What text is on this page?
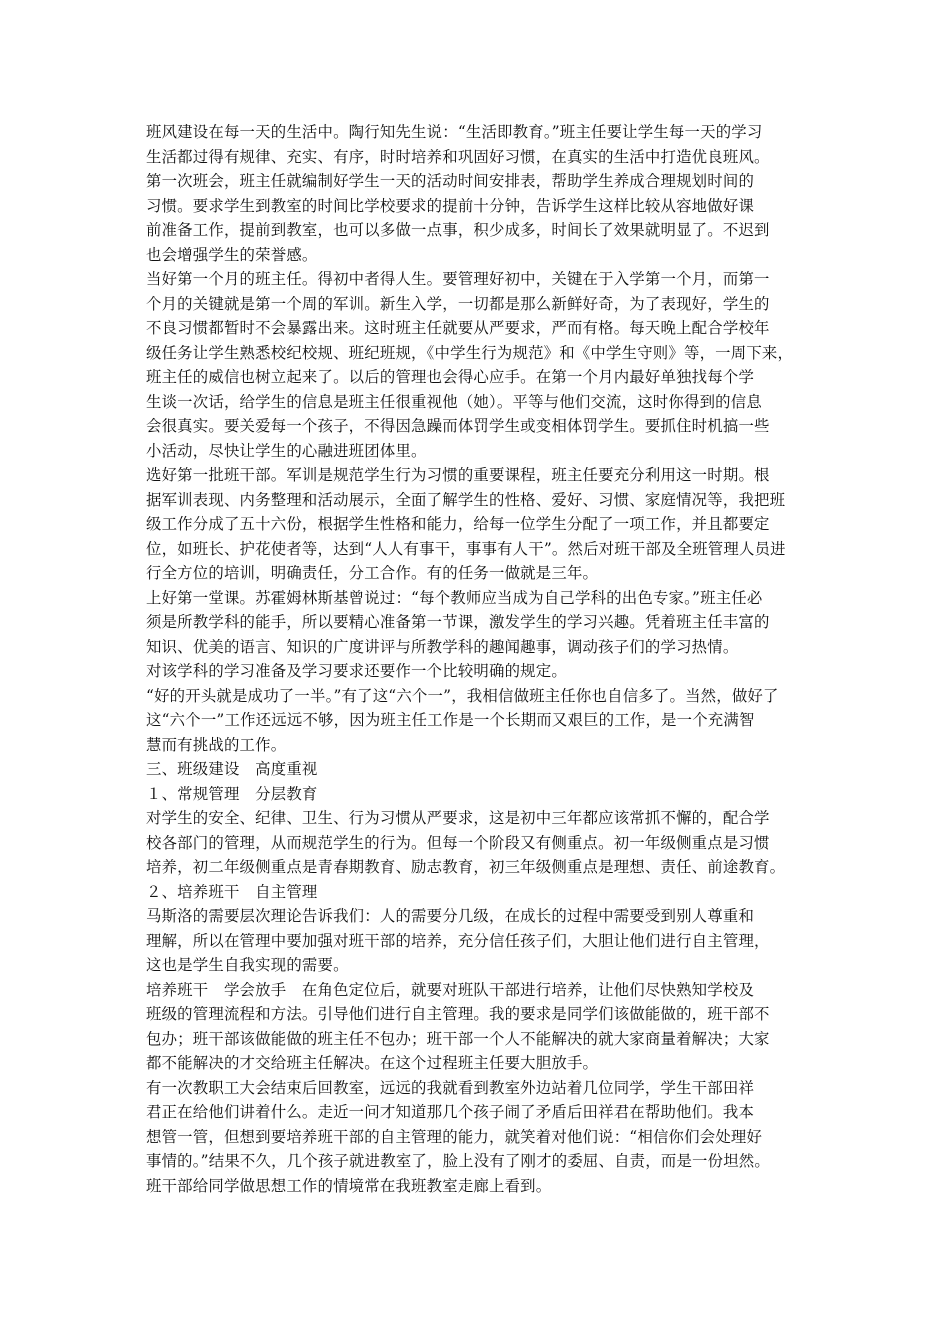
班风建设在每一天的生活中。陶行知先生说：“生活即教育。”班主任要让学生每一天的学习
生活都过得有规律、充实、有序，时时培养和巩固好习惯，在真实的生活中打造优良班风。
第一次班会，班主任就编制好学生一天的活动时间安排表，帮助学生养成合理规划时间的
习惯。要求学生到教室的时间比学校要求的提前十分钟，告诉学生这样比较从容地做好课
前准备工作，提前到教室，也可以多做一点事，积少成多，时间长了效果就明显了。不迟到
也会增强学生的荣誉感。
当好第一个月的班主任。得初中者得人生。要管理好初中，关键在于入学第一个月，而第一
个月的关键就是第一个周的军训。新生入学，一切都是那么新鲜好奇，为了表现好，学生的
不良习惯都暂时不会暴露出来。这时班主任就要从严要求，严而有格。每天晚上配合学校年
级任务让学生熟悉校纪校规、班纪班规，《中学生行为规范》和《中学生守则》等，一周下来，
班主任的威信也树立起来了。以后的管理也会得心应手。在第一个月内最好单独找每个学
生谈一次话，给学生的信息是班主任很重视他（她）。平等与他们交流，这时你得到的信息
会很真实。要关爱每一个孩子，不得因急躁而体罚学生或变相体罚学生。要抓住时机搞一些
小活动，尽快让学生的心融进班团体里。
选好第一批班干部。军训是规范学生行为习惯的重要课程，班主任要充分利用这一时期。根
据军训表现、内务整理和活动展示，全面了解学生的性格、爱好、习惯、家庭情况等，我把班
级工作分成了五十六份，根据学生性格和能力，给每一位学生分配了一项工作，并且都要定
位，如班长、护花使者等，达到“人人有事干，事事有人干”。然后对班干部及全班管理人员进
行全方位的培训，明确责任，分工合作。有的任务一做就是三年。
上好第一堂课。苏霍姆林斯基曾说过：“每个教师应当成为自己学科的出色专家。”班主任必
须是所教学科的能手，所以要精心准备第一节课，激发学生的学习兴趣。凭着班主任丰富的
知识、优美的语言、知识的广度讲评与所教学科的趣闻趣事，调动孩子们的学习热情。
对该学科的学习准备及学习要求还要作一个比较明确的规定。
“好的开头就是成功了一半。”有了这“六个一”，我相信做班主任你也自信多了。当然，做好了
这“六个一”工作还远远不够，因为班主任工作是一个长期而又艰巨的工作，是一个充满智
慧而有挑战的工作。
三、班级建设　高度重视
１、常规管理　分层教育
对学生的安全、纪律、卫生、行为习惯从严要求，这是初中三年都应该常抓不懈的，配合学
校各部门的管理，从而规范学生的行为。但每一个阶段又有侧重点。初一年级侧重点是习惯
培养，初二年级侧重点是青春期教育、励志教育，初三年级侧重点是理想、责任、前途教育。
２、培养班干　自主管理
马斯洛的需要层次理论告诉我们：人的需要分几级，在成长的过程中需要受到别人尊重和
理解，所以在管理中要加强对班干部的培养，充分信任孩子们，大胆让他们进行自主管理，
这也是学生自我实现的需要。
培养班干　学会放手　在角色定位后，就要对班队干部进行培养，让他们尽快熟知学校及
班级的管理流程和方法。引导他们进行自主管理。我的要求是同学们该做能做的，班干部不
包办；班干部该做能做的班主任不包办；班干部一个人不能解决的就大家商量着解决；大家
都不能解决的才交给班主任解决。在这个过程班主任要大胆放手。
有一次教职工大会结束后回教室，远远的我就看到教室外边站着几位同学，学生干部田祥
君正在给他们讲着什么。走近一问才知道那几个孩子闹了矛盾后田祥君在帮助他们。我本
想管一管，但想到要培养班干部的自主管理的能力，就笑着对他们说：“相信你们会处理好
事情的。”结果不久，几个孩子就进教室了，脸上没有了刚才的委屈、自责，而是一份坦然。
班干部给同学做思想工作的情境常在我班教室走廊上看到。
